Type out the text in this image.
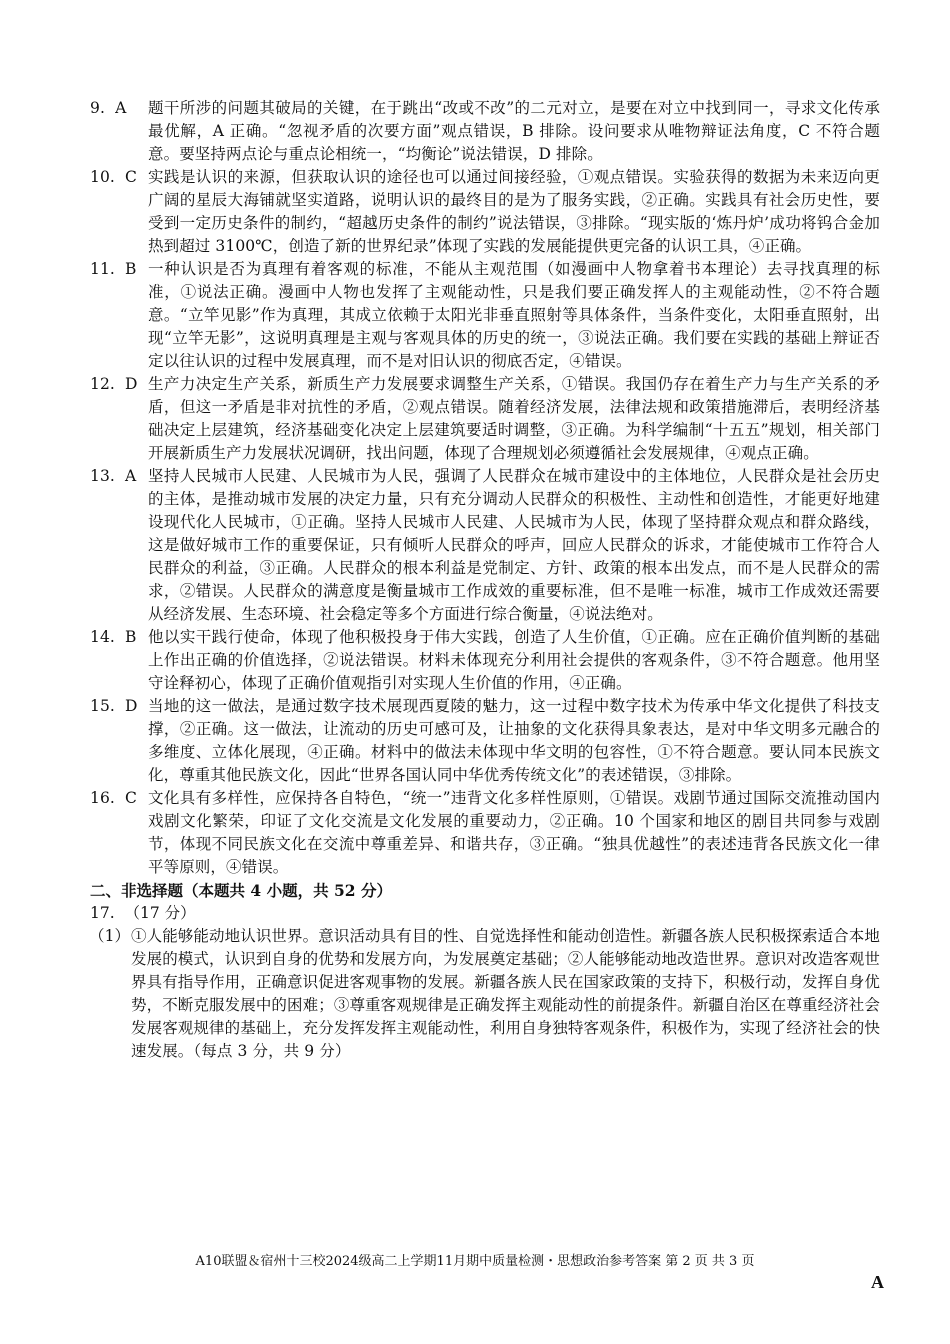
9. A	题干所涉的问题其破局的关键，在于跳出“改或不改”的二元对立，是要在对立中找到同一，寻求文化传承最优解，A 正确。“忽视矛盾的次要方面”观点错误，B 排除。设问要求从唯物辩证法角度，C 不符合题意。要坚持两点论与重点论相统一，“均衡论”说法错误，D 排除。
10. C 实践是认识的来源，但获取认识的途径也可以通过间接经验，①观点错误。实验获得的数据为未来迈向更广阔的星辰大海铺就坚实道路，说明认识的最终目的是为了服务实践，②正确。实践具有社会历史性，要受到一定历史条件的制约，“超越历史条件的制约”说法错误，③排除。“现实版的‘炼丹炉’成功将钨合金加热到超过 3100℃，创造了新的世界纪录”体现了实践的发展能提供更完备的认识工具，④正确。
11. B 一种认识是否为真理有着客观的标准，不能从主观范围（如漫画中人物拿着书本理论）去寻找真理的标准，①说法正确。漫画中人物也发挥了主观能动性，只是我们要正确发挥人的主观能动性，②不符合题意。“立竿见影”作为真理，其成立依赖于太阳光非垂直照射等具体条件，当条件变化，太阳垂直照射，出现“立竿无影”，这说明真理是主观与客观具体的历史的统一，③说法正确。我们要在实践的基础上辩证否定以往认识的过程中发展真理，而不是对旧认识的彻底否定，④错误。
12. D 生产力决定生产关系，新质生产力发展要求调整生产关系，①错误。我国仍存在着生产力与生产关系的矛盾，但这一矛盾是非对抗性的矛盾，②观点错误。随着经济发展，法律法规和政策措施滞后，表明经济基础决定上层建筑，经济基础变化决定上层建筑要适时调整，③正确。为科学编制“十五五”规划，相关部门开展新质生产力发展状况调研，找出问题，体现了合理规划必须遵循社会发展规律，④观点正确。
13. A 坚持人民城市人民建、人民城市为人民，强调了人民群众在城市建设中的主体地位，人民群众是社会历史的主体，是推动城市发展的决定力量，只有充分调动人民群众的积极性、主动性和创造性，才能更好地建设现代化人民城市，①正确。坚持人民城市人民建、人民城市为人民，体现了坚持群众观点和群众路线，这是做好城市工作的重要保证，只有倾听人民群众的呼声，回应人民群众的诉求，才能使城市工作符合人民群众的利益，③正确。人民群众的根本利益是党制定、方针、政策的根本出发点，而不是人民群众的需求，②错误。人民群众的满意度是衡量城市工作成效的重要标准，但不是唯一标准，城市工作成效还需要从经济发展、生态环境、社会稳定等多个方面进行综合衡量，④说法绝对。
14. B 他以实干践行使命，体现了他积极投身于伟大实践，创造了人生价值，①正确。应在正确价值判断的基础上作出正确的价值选择，②说法错误。材料未体现充分利用社会提供的客观条件，③不符合题意。他用坚守诠释初心，体现了正确价值观指引对实现人生价值的作用，④正确。
15. D 当地的这一做法，是通过数字技术展现西夏陵的魅力，这一过程中数字技术为传承中华文化提供了科技支撑，②正确。这一做法，让流动的历史可感可及，让抽象的文化获得具象表达，是对中华文明多元融合的多维度、立体化展现，④正确。材料中的做法未体现中华文明的包容性，①不符合题意。要认同本民族文化，尊重其他民族文化，因此“世界各国认同中华优秀传统文化”的表述错误，③排除。
16. C 文化具有多样性，应保持各自特色，“统一”违背文化多样性原则，①错误。戏剧节通过国际交流推动国内戏剧文化繁荣，印证了文化交流是文化发展的重要动力，②正确。10 个国家和地区的剧目共同参与戏剧节，体现不同民族文化在交流中尊重差异、和谐共存，③正确。“独具优越性”的表述违背各民族文化一律平等原则，④错误。
二、非选择题（本题共 4 小题，共 52 分）
17. （17 分）
（1） ①人能够能动地认识世界。意识活动具有目的性、自觉选择性和能动创造性。新疆各族人民积极探索适合本地发展的模式，认识到自身的优势和发展方向，为发展奠定基础；②人能够能动地改造世界。意识对改造客观世界具有指导作用，正确意识促进客观事物的发展。新疆各族人民在国家政策的支持下，积极行动，发挥自身优势，不断克服发展中的困难；③尊重客观规律是正确发挥主观能动性的前提条件。新疆自治区在尊重经济社会发展客观规律的基础上，充分发挥发挥主观能动性，利用自身独特客观条件，积极作为，实现了经济社会的快速发展。（每点 3 分，共 9 分）
A10联盟＆宿州十三校2024级高二上学期11月期中质量检测・思想政治参考答案 第 2 页 共 3 页
A
